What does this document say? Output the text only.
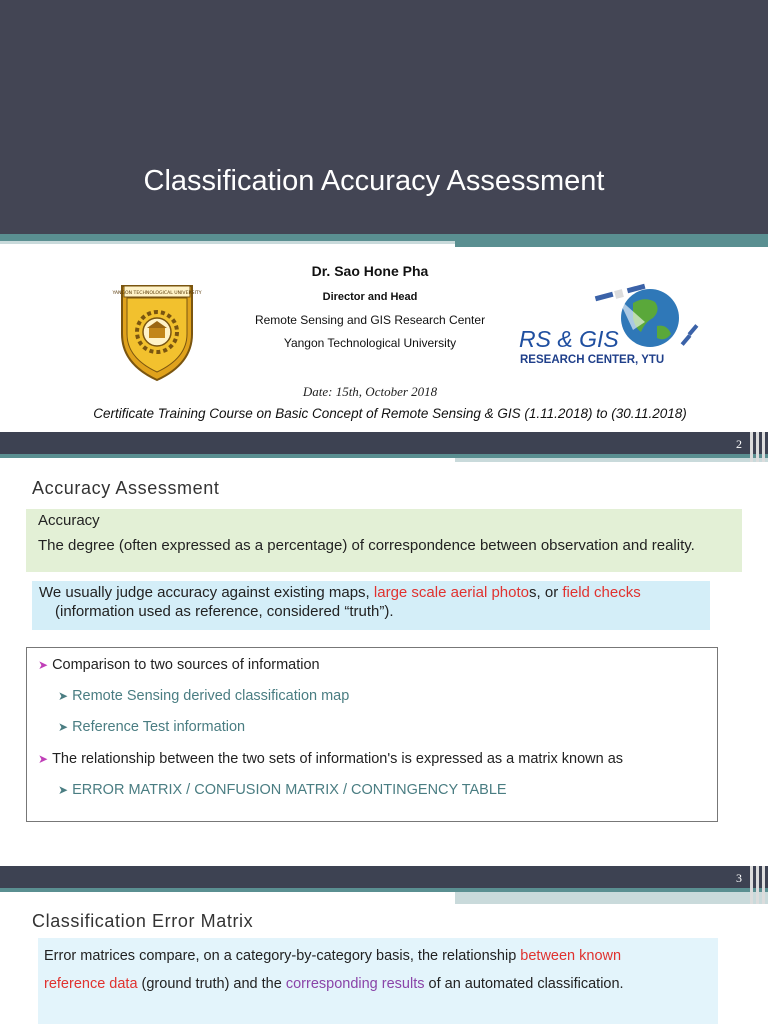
Classification Accuracy Assessment
YANGON TECHNOLOGICAL UNIVERSITY
Dr. Sao Hone Pha
Director and Head
Remote Sensing and GIS Research Center
Yangon Technological University	RS & GIS
RESEARCH CENTER, YTU
Date: 15th, October 2018
Certificate Training Course on Basic Concept of Remote Sensing & GIS (1.11.2018) to (30.11.2018)
2
Accuracy Assessment
Accuracy
The degree (often expressed as a percentage) of correspondence between observation and reality.
We usually judge accuracy against existing maps, large scale aerial photos, or field checks
(information used as reference, considered “truth”).
➤ Comparison to two sources of information
➤ Remote Sensing derived classification map
➤ Reference Test information
➤ The relationship between the two sets of information's is expressed as a matrix known as
➤ ERROR MATRIX / CONFUSION MATRIX / CONTINGENCY TABLE
3
Classification Error Matrix
Error matrices compare, on a category-by-category basis, the relationship between known
reference data (ground truth) and the corresponding results of an automated classification.
